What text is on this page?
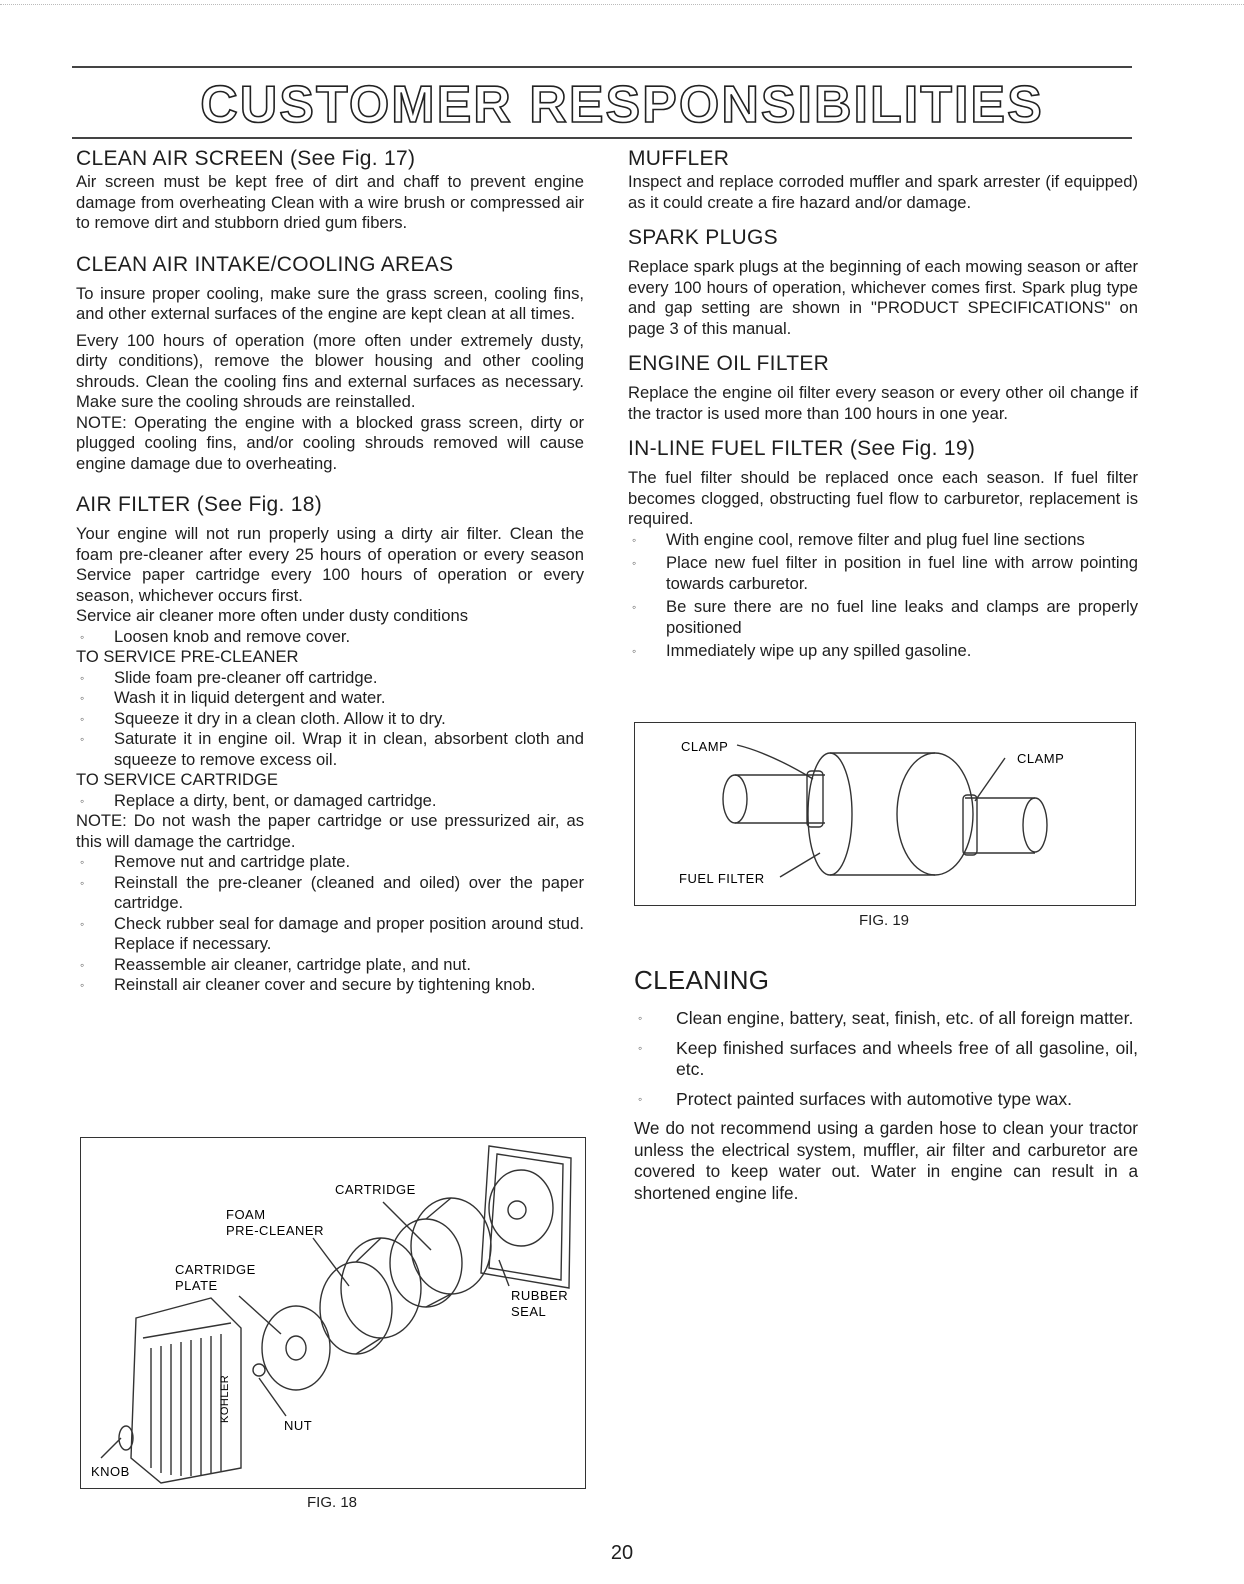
CUSTOMER RESPONSIBILITIES
CLEAN AIR SCREEN (See Fig. 17)

Air screen must be kept free of dirt and chaff to prevent engine damage from overheating Clean with a wire brush or compressed air to remove dirt and stubborn dried gum fibers.

CLEAN AIR INTAKE/COOLING AREAS

To insure proper cooling, make sure the grass screen, cooling fins, and other external surfaces of the engine are kept clean at all times.

Every 100 hours of operation (more often under extremely dusty, dirty conditions), remove the blower housing and other cooling shrouds. Clean the cooling fins and external surfaces as necessary. Make sure the cooling shrouds are reinstalled.

NOTE: Operating the engine with a blocked grass screen, dirty or plugged cooling fins, and/or cooling shrouds removed will cause engine damage due to overheating.

AIR FILTER (See Fig. 18)

Your engine will not run properly using a dirty air filter. Clean the foam pre-cleaner after every 25 hours of operation or every season Service paper cartridge every 100 hours of operation or every season, whichever occurs first.

Service air cleaner more often under dusty conditions

◦ Loosen knob and remove cover.
TO SERVICE PRE-CLEANER
◦ Slide foam pre-cleaner off cartridge.
◦ Wash it in liquid detergent and water.
◦ Squeeze it dry in a clean cloth. Allow it to dry.
◦ Saturate it in engine oil. Wrap it in clean, absorbent cloth and squeeze to remove excess oil.
TO SERVICE CARTRIDGE
◦ Replace a dirty, bent, or damaged cartridge.

NOTE: Do not wash the paper cartridge or use pressurized air, as this will damage the cartridge.

◦ Remove nut and cartridge plate.
◦ Reinstall the pre-cleaner (cleaned and oiled) over the paper cartridge.
◦ Check rubber seal for damage and proper position around stud. Replace if necessary.
◦ Reassemble air cleaner, cartridge plate, and nut.
◦ Reinstall air cleaner cover and secure by tightening knob.
CARTRIDGE
FOAM
PRE-CLEANER
CARTRIDGE
PLATE
RUBBER
SEAL
NUT
KNOB
KOHLER
FIG. 18
MUFFLER

Inspect and replace corroded muffler and spark arrester (if equipped) as it could create a fire hazard and/or damage.

SPARK PLUGS

Replace spark plugs at the beginning of each mowing season or after every 100 hours of operation, whichever comes first. Spark plug type and gap setting are shown in "PRODUCT SPECIFICATIONS" on page 3 of this manual.

ENGINE OIL FILTER

Replace the engine oil filter every season or every other oil change if the tractor is used more than 100 hours in one year.

IN-LINE FUEL FILTER (See Fig. 19)

The fuel filter should be replaced once each season. If fuel filter becomes clogged, obstructing fuel flow to carburetor, replacement is required.

◦ With engine cool, remove filter and plug fuel line sections
◦ Place new fuel filter in position in fuel line with arrow pointing towards carburetor.
◦ Be sure there are no fuel line leaks and clamps are properly positioned
◦ Immediately wipe up any spilled gasoline.
CLAMP
CLAMP
FUEL FILTER
FIG. 19
CLEANING
◦ Clean engine, battery, seat, finish, etc. of all foreign matter.
◦ Keep finished surfaces and wheels free of all gasoline, oil, etc.
◦ Protect painted surfaces with automotive type wax.

We do not recommend using a garden hose to clean your tractor unless the electrical system, muffler, air filter and carburetor are covered to keep water out. Water in engine can result in a shortened engine life.

20
